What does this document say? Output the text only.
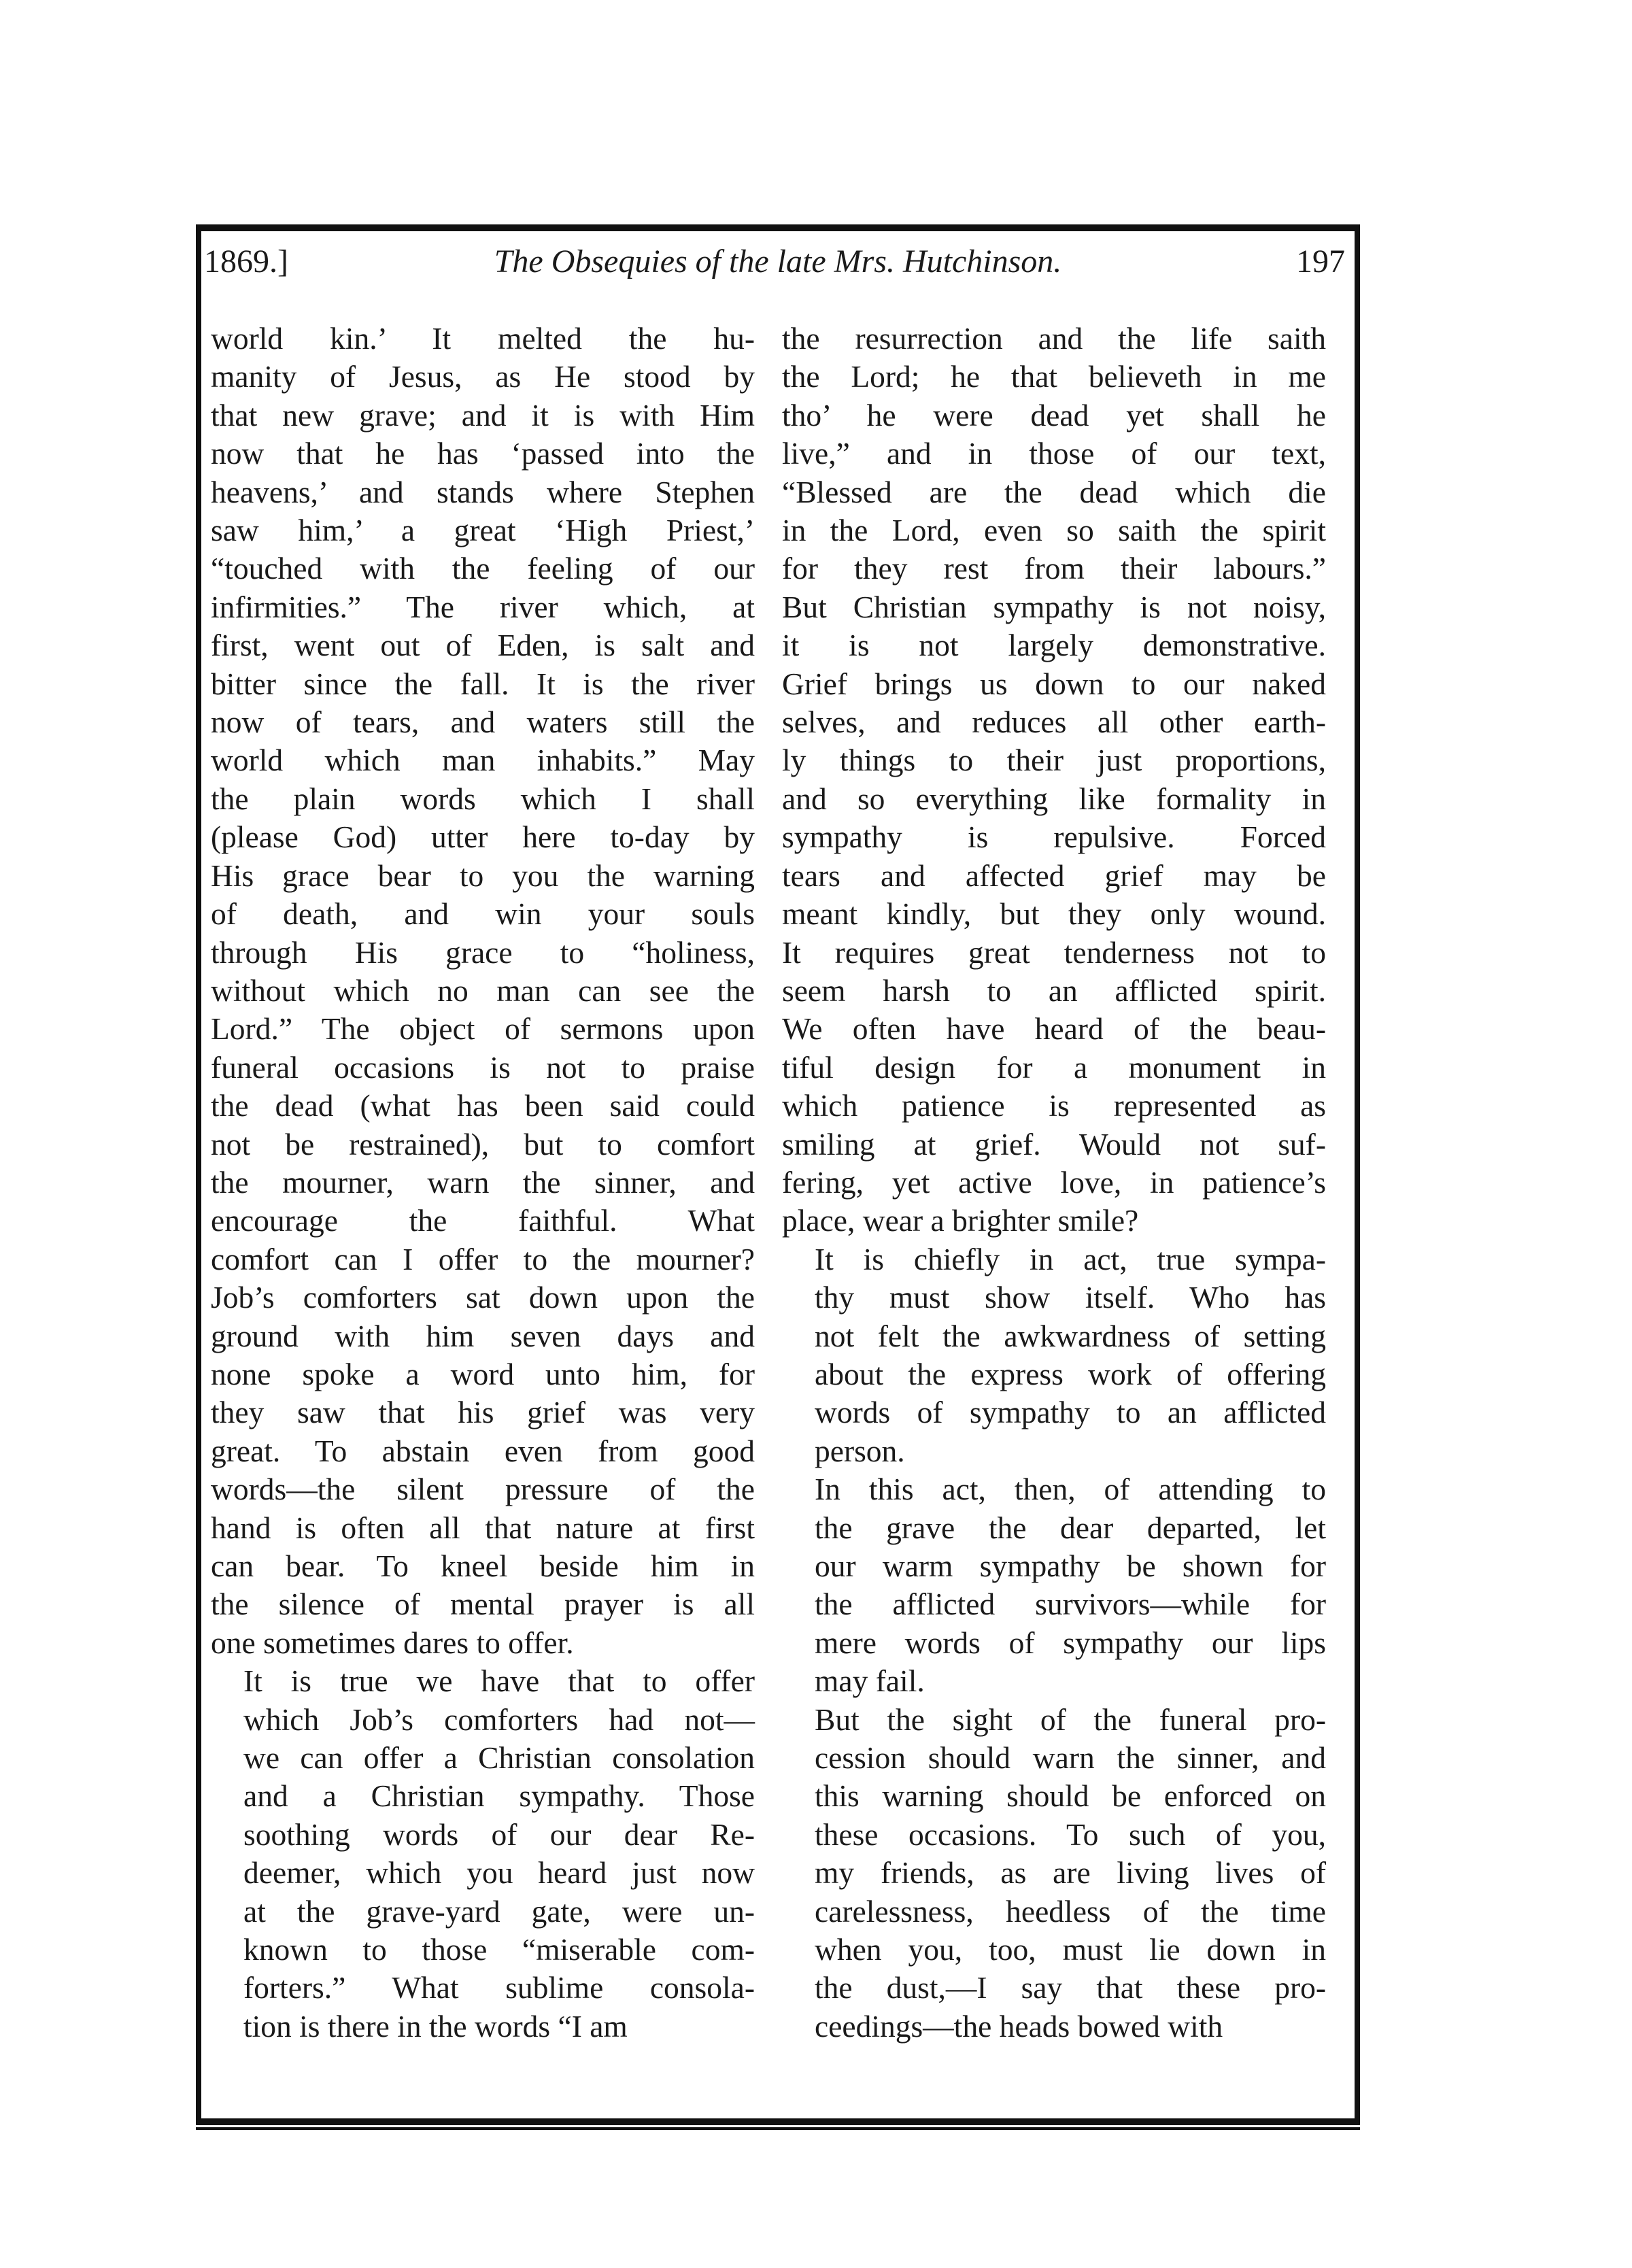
1869.]	The Obsequies of the late Mrs. Hutchinson.	197

world kin.’ It melted the hu-
manity of Jesus, as He stood by
that new grave; and it is with Him
now that he has ‘passed into the
heavens,’ and stands where Stephen
saw him,’ a great ‘High Priest,’
“touched with the feeling of our
infirmities.” The river which, at
first, went out of Eden, is salt and
bitter since the fall. It is the river
now of tears, and waters still the
world which man inhabits.” May
the plain words which I shall
(please God) utter here to-day by
His grace bear to you the warning
of death, and win your souls
through His grace to “holiness,
without which no man can see the
Lord.” The object of sermons upon
funeral occasions is not to praise
the dead (what has been said could
not be restrained), but to comfort
the mourner, warn the sinner, and
encourage the faithful. What
comfort can I offer to the mourner?
Job’s comforters sat down upon the
ground with him seven days and
none spoke a word unto him, for
they saw that his grief was very
great. To abstain even from good
words—the silent pressure of the
hand is often all that nature at first
can bear. To kneel beside him in
the silence of mental prayer is all
one sometimes dares to offer.

It is true we have that to offer
which Job’s comforters had not—
we can offer a Christian consolation
and a Christian sympathy. Those
soothing words of our dear Re-
deemer, which you heard just now
at the grave-yard gate, were un-
known to those “miserable com-
forters.” What sublime consola-
tion is there in the words “I am

the resurrection and the life saith
the Lord; he that believeth in me
tho’ he were dead yet shall he
live,” and in those of our text,
“Blessed are the dead which die
in the Lord, even so saith the spirit
for they rest from their labours.”
But Christian sympathy is not noisy,
it is not largely demonstrative.
Grief brings us down to our naked
selves, and reduces all other earth-
ly things to their just proportions,
and so everything like formality in
sympathy is repulsive. Forced
tears and affected grief may be
meant kindly, but they only wound.
It requires great tenderness not to
seem harsh to an afflicted spirit.
We often have heard of the beau-
tiful design for a monument in
which patience is represented as
smiling at grief. Would not suf-
fering, yet active love, in patience’s
place, wear a brighter smile?

It is chiefly in act, true sympa-
thy must show itself. Who has
not felt the awkwardness of setting
about the express work of offering
words of sympathy to an afflicted
person.

In this act, then, of attending to
the grave the dear departed, let
our warm sympathy be shown for
the afflicted survivors—while for
mere words of sympathy our lips
may fail.

But the sight of the funeral pro-
cession should warn the sinner, and
this warning should be enforced on
these occasions. To such of you,
my friends, as are living lives of
carelessness, heedless of the time
when you, too, must lie down in
the dust,—I say that these pro-
ceedings—the heads bowed with
